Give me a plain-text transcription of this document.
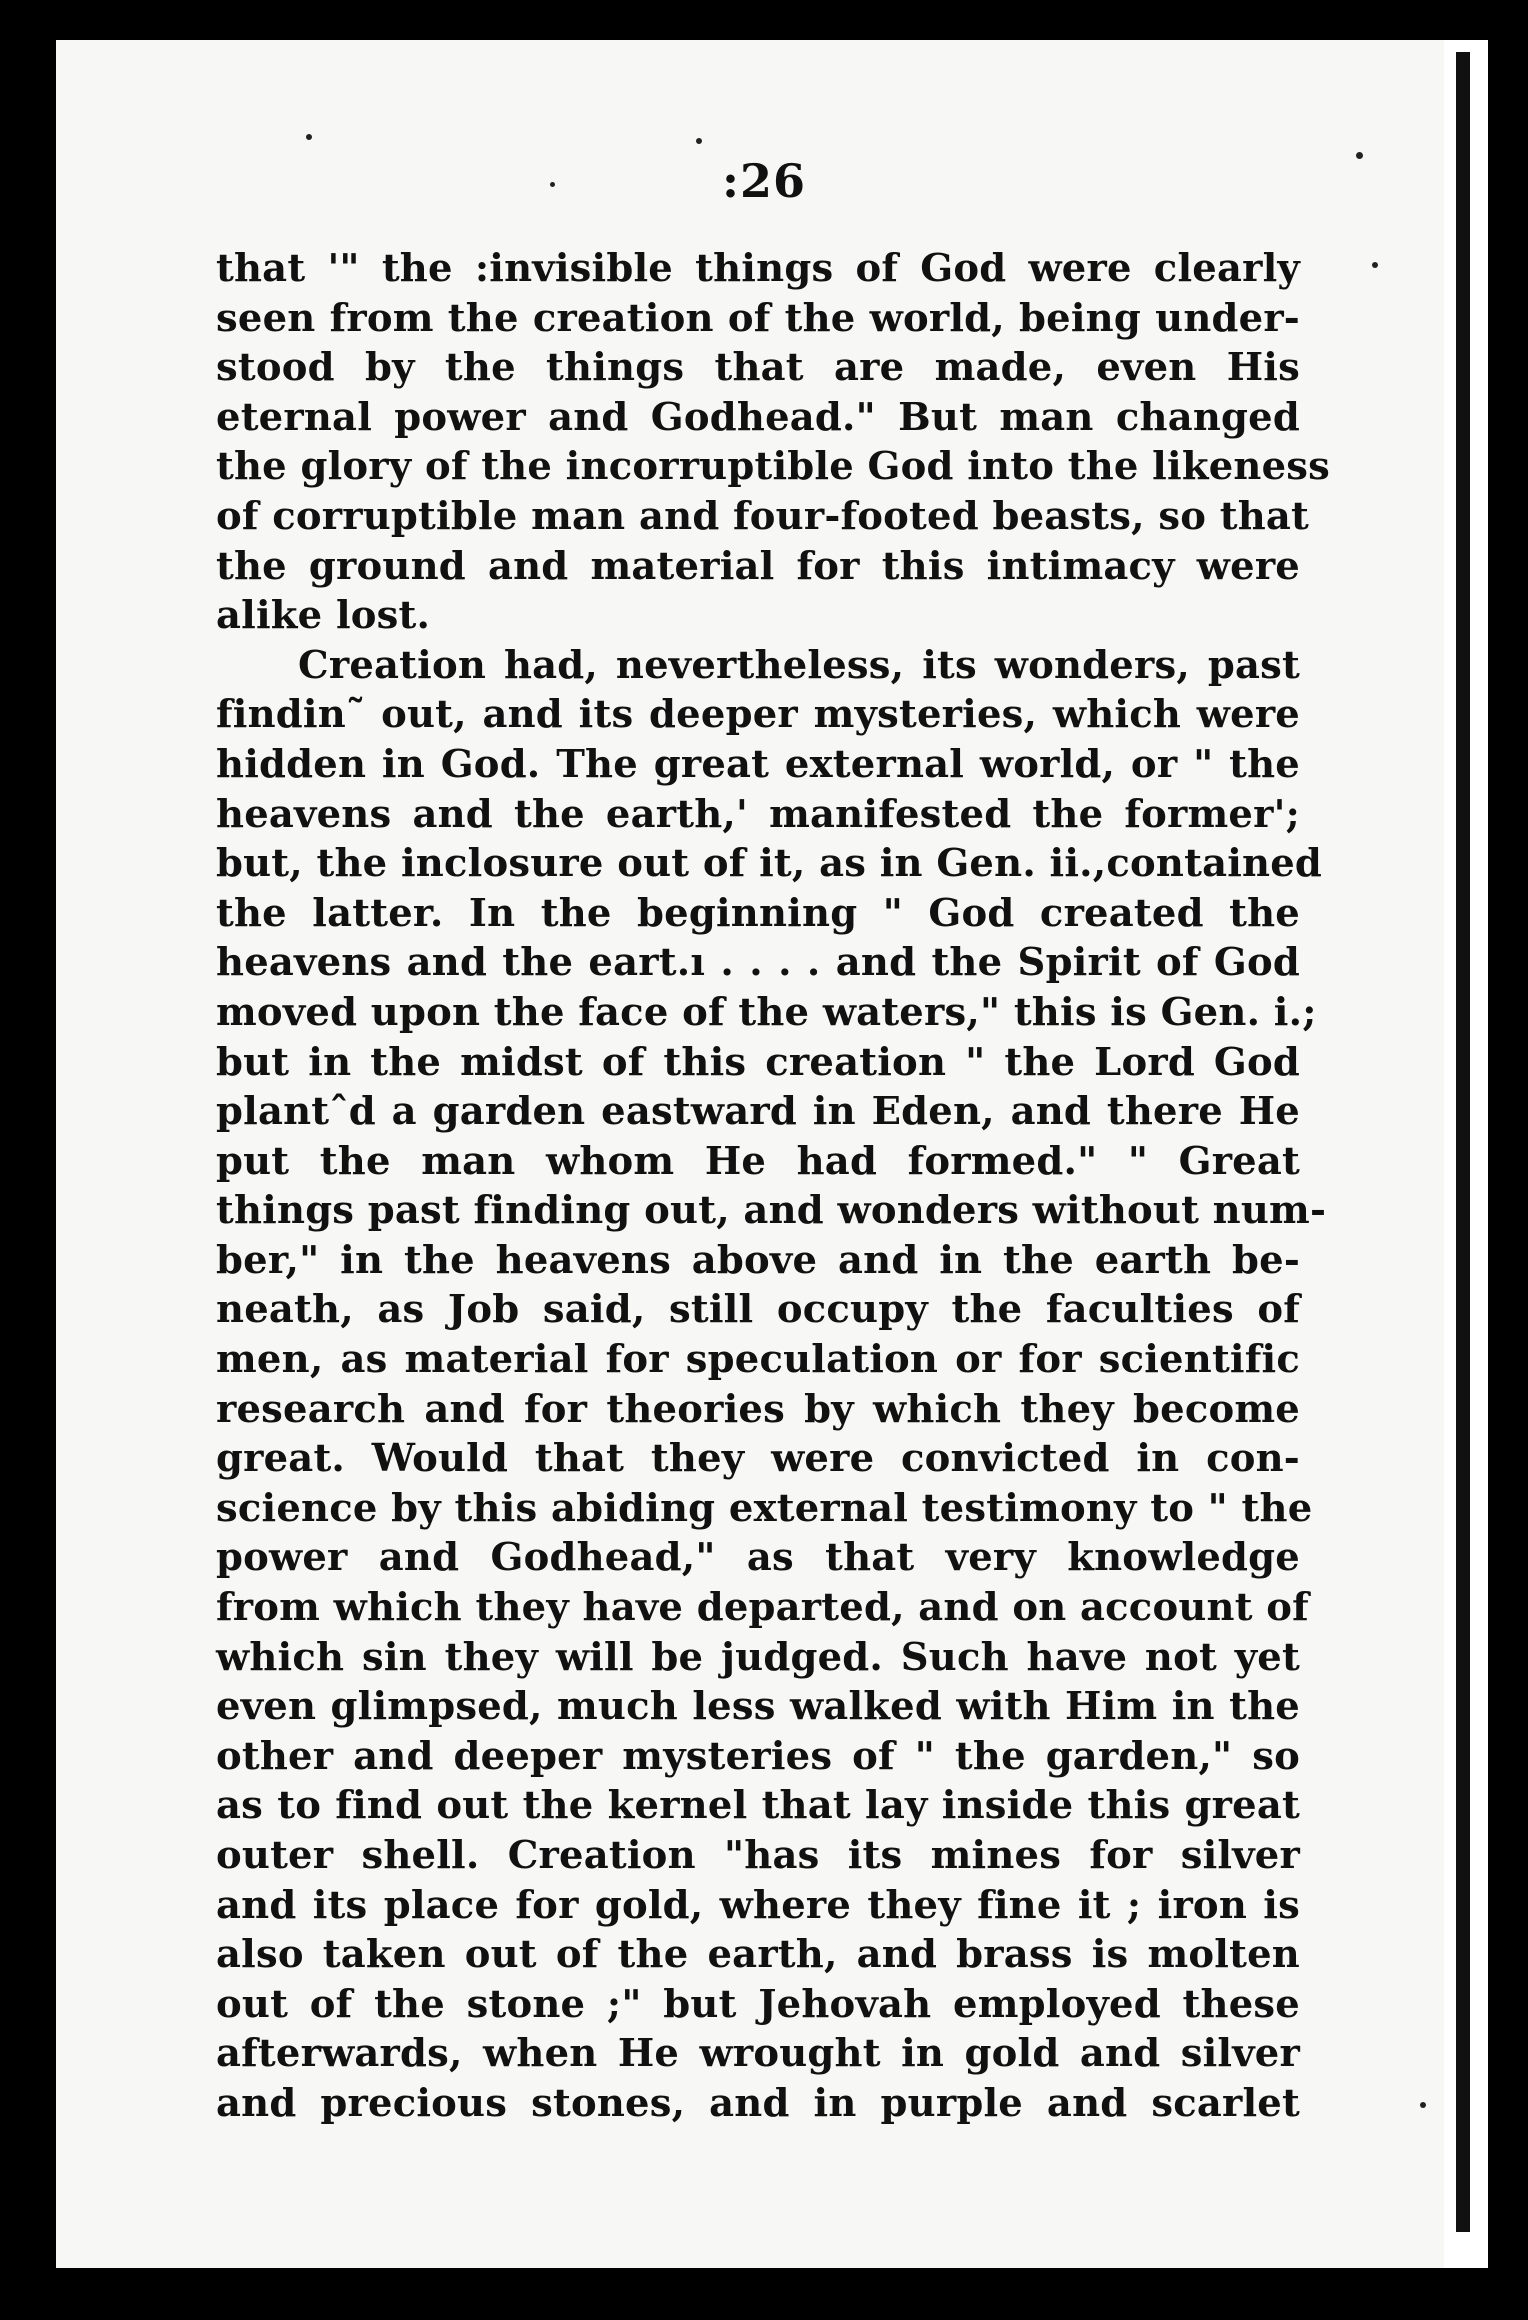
:26
that '" the :invisible things of God were clearly
seen from the creation of the world, being under-
stood by the things that are made, even His
eternal power and Godhead." But man changed
the glory of the incorruptible God into the likeness
of corruptible man and four-footed beasts, so that
the ground and material for this intimacy were
alike lost.
Creation had, nevertheless, its wonders, past
findin˜ out, and its deeper mysteries, which were
hidden in God. The great external world, or " the
heavens and the earth,' manifested the former';
but, the inclosure out of it, as in Gen. ii.,contained
the latter. In the beginning " God created the
heavens and the eart.ı . . . . and the Spirit of God
moved upon the face of the waters," this is Gen. i.;
but in the midst of this creation " the Lord God
plantˆd a garden eastward in Eden, and there He
put the man whom He had formed." " Great
things past finding out, and wonders without num-
ber," in the heavens above and in the earth be-
neath, as Job said, still occupy the faculties of
men, as material for speculation or for scientific
research and for theories by which they become
great. Would that they were convicted in con-
science by this abiding external testimony to " the
power and Godhead," as that very knowledge
from which they have departed, and on account of
which sin they will be judged. Such have not yet
even glimpsed, much less walked with Him in the
other and deeper mysteries of " the garden," so
as to find out the kernel that lay inside this great
outer shell. Creation "has its mines for silver
and its place for gold, where they fine it ; iron is
also taken out of the earth, and brass is molten
out of the stone ;" but Jehovah employed these
afterwards, when He wrought in gold and silver
and precious stones, and in purple and scarlet
